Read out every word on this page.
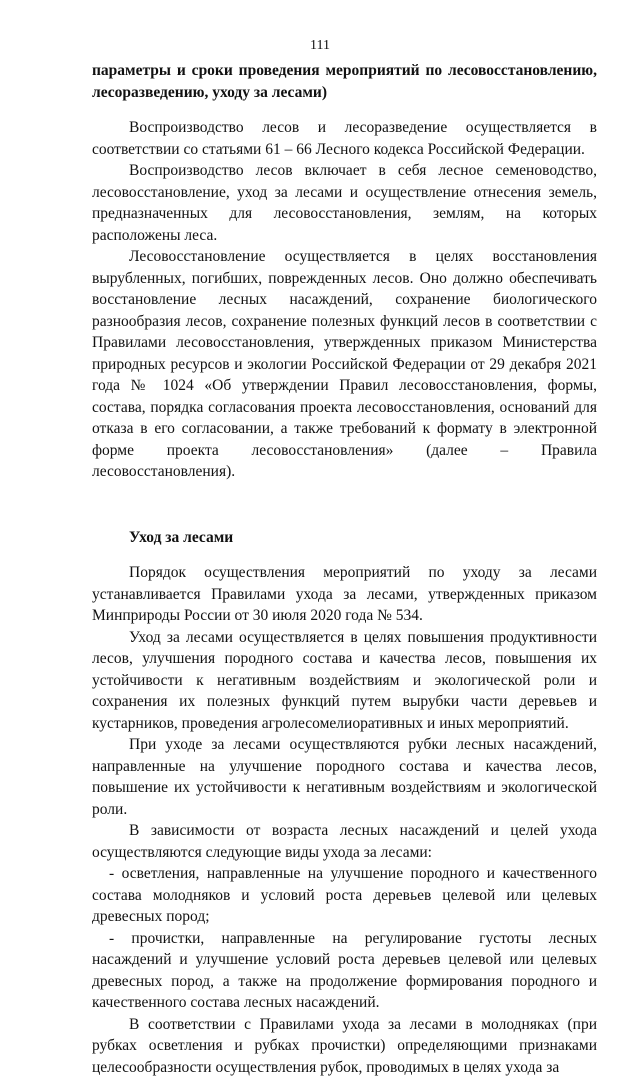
111

параметры и сроки проведения мероприятий по лесовосстановлению, лесоразведению, уходу за лесами)

Воспроизводство лесов и лесоразведение осуществляется в соответствии со статьями 61 – 66 Лесного кодекса Российской Федерации.

Воспроизводство лесов включает в себя лесное семеноводство, лесовосстановление, уход за лесами и осуществление отнесения земель, предназначенных для лесовосстановления, землям, на которых расположены леса.

Лесовосстановление осуществляется в целях восстановления вырубленных, погибших, поврежденных лесов. Оно должно обеспечивать восстановление лесных насаждений, сохранение биологического разнообразия лесов, сохранение полезных функций лесов в соответствии с Правилами лесовосстановления, утвержденных приказом Министерства природных ресурсов и экологии Российской Федерации от 29 декабря 2021 года № 1024 «Об утверждении Правил лесовосстановления, формы, состава, порядка согласования проекта лесовосстановления, оснований для отказа в его согласовании, а также требований к формату в электронной форме проекта лесовосстановления» (далее – Правила лесовосстановления).

Уход за лесами

Порядок осуществления мероприятий по уходу за лесами устанавливается Правилами ухода за лесами, утвержденных приказом Минприроды России от 30 июля 2020 года № 534.

Уход за лесами осуществляется в целях повышения продуктивности лесов, улучшения породного состава и качества лесов, повышения их устойчивости к негативным воздействиям и экологической роли и сохранения их полезных функций путем вырубки части деревьев и кустарников, проведения агролесомелиоративных и иных мероприятий.

При уходе за лесами осуществляются рубки лесных насаждений, направленные на улучшение породного состава и качества лесов, повышение их устойчивости к негативным воздействиям и экологической роли.

В зависимости от возраста лесных насаждений и целей ухода осуществляются следующие виды ухода за лесами:

- осветления, направленные на улучшение породного и качественного состава молодняков и условий роста деревьев целевой или целевых древесных пород;

- прочистки, направленные на регулирование густоты лесных насаждений и улучшение условий роста деревьев целевой или целевых древесных пород, а также на продолжение формирования породного и качественного состава лесных насаждений.

В соответствии с Правилами ухода за лесами в молодняках (при рубках осветления и рубках прочистки) определяющими признаками целесообразности осуществления рубок, проводимых в целях ухода за
